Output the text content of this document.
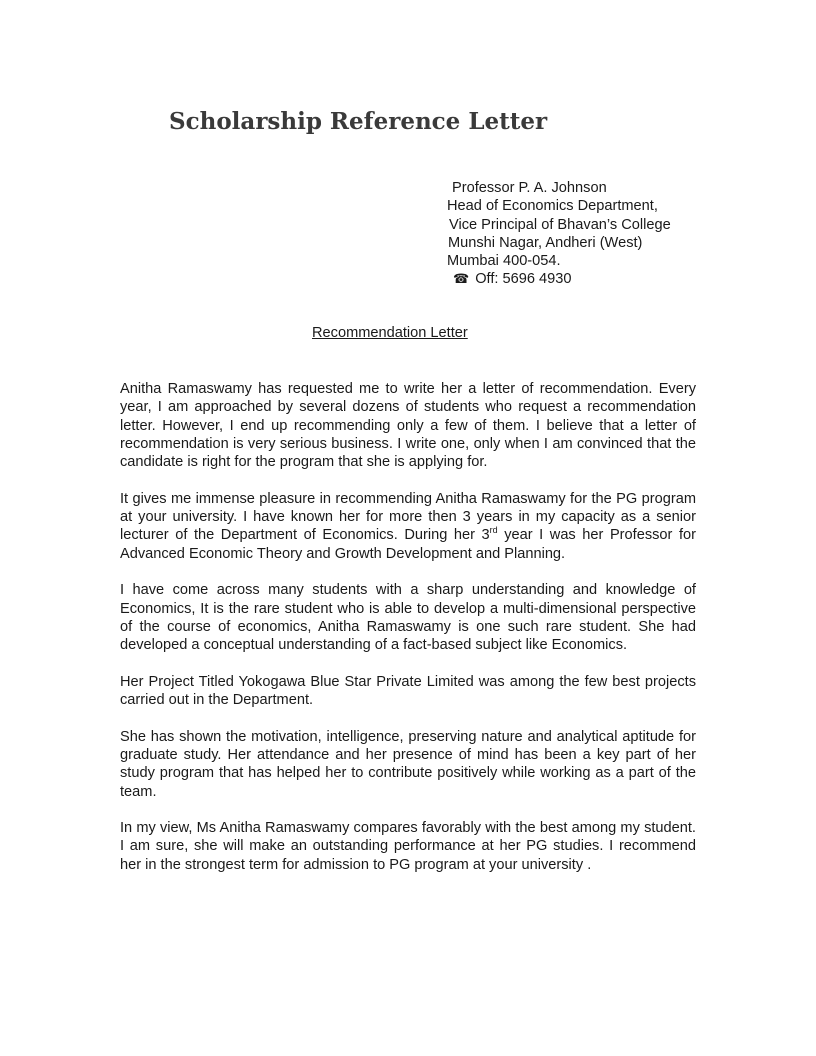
Scholarship Reference Letter
Professor P. A. Johnson
Head of Economics Department,
Vice Principal of Bhavan’s College
Munshi Nagar, Andheri (West)
Mumbai 400-054.
☎ Off: 5696 4930
Recommendation Letter

Anitha Ramaswamy has requested me to write her a letter of recommendation. Every year, I am approached by several dozens of students who request a recommendation letter. However, I end up recommending only a few of them. I believe that a letter of recommendation is very serious business. I write one, only when I am convinced that the candidate is right for the program that she is applying for.

It gives me immense pleasure in recommending Anitha Ramaswamy for the PG program at your university. I have known her for more then 3 years in my capacity as a senior lecturer of the Department of Economics. During her 3rd year I was her Professor for Advanced Economic Theory and Growth Development and Planning.

I have come across many students with a sharp understanding and knowledge of Economics, It is the rare student who is able to develop a multi-dimensional perspective of the course of economics, Anitha Ramaswamy is one such rare student. She had developed a conceptual understanding of a fact-based subject like Economics.

Her Project Titled Yokogawa Blue Star Private Limited was among the few best projects carried out in the Department.

She has shown the motivation, intelligence, preserving nature and analytical aptitude for graduate study. Her attendance and her presence of mind has been a key part of her study program that has helped her to contribute positively while working as a part of the team.

In my view, Ms Anitha Ramaswamy compares favorably with the best among my student. I am sure, she will make an outstanding performance at her PG studies. I recommend her in the strongest term for admission to PG program at your university .
